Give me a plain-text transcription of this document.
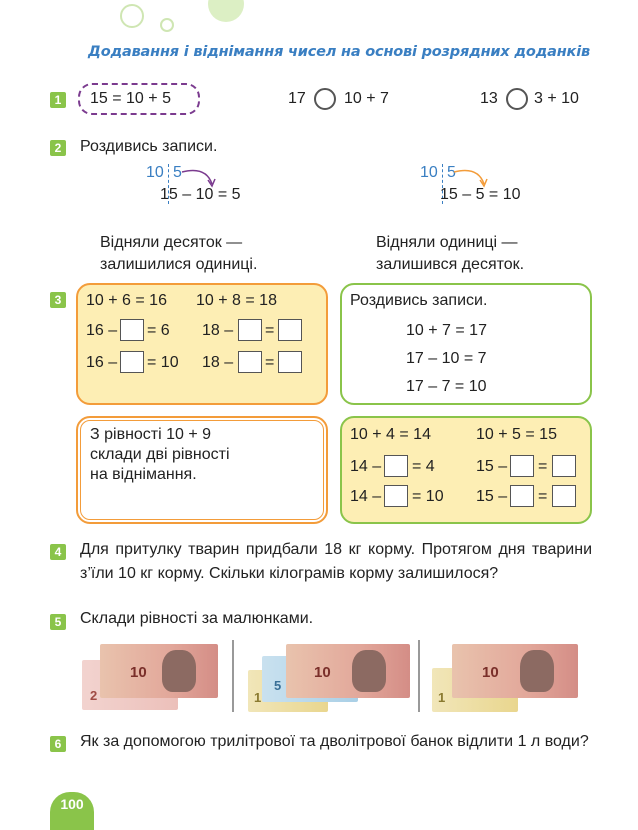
Додавання і віднімання чисел на основі розрядних доданків
1 15 = 10 + 5	17 10 + 7	13 3 + 10
2 Роздивись записи.
10 5
15 – 10 = 5
Відняли десяток —
залишилися одиниці.
10 5
15 – 5 = 10
Відняли одиниці —
залишився десяток.
3 10 + 6 = 16 10 + 8 = 18
16 – = 6 18 – =
16 – = 10 18 – =
Роздивись записи.
10 + 7 = 17
17 – 10 = 7
17 – 7 = 10
З рівності 10 + 9
склади дві рівності
на віднімання.
10 + 4 = 14	10 + 5 = 15
14 – = 4	15 – =
14 – = 10 15 – =
4 Для притулку тварин придбали 18 кг корму. Протягом дня тварини з’їли 10 кг корму. Скільки кілограмів корму залишилося?
5 Склади рівності за малюнками.
2
10
1
5
10
1
10
6 Як за допомогою трилітрової та дволітрової банок відлити 1 л води?
100
